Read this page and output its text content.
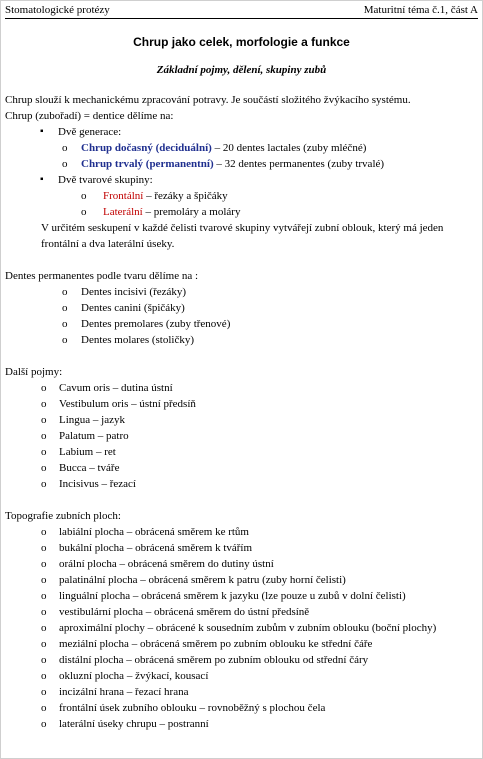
Stomatologické protézy	Maturitní téma č.1, část A
Chrup jako celek, morfologie a funkce
Základní pojmy, dělení, skupiny zubů

Chrup slouží k mechanickému zpracování potravy. Je součástí složitého žvýkacího systému.

Chrup (zubořadí) = dentice dělíme na:

▪ Dvě generace:
o Chrup dočasný (deciduální) – 20 dentes lactales (zuby mléčné)
o Chrup trvalý (permanentní) – 32 dentes permanentes (zuby trvalé)
▪ Dvě tvarové skupiny:
o Frontální – řezáky a špičáky
o Laterální – premoláry a moláry

V určitém seskupení v každé čelisti tvarové skupiny vytvářejí zubní oblouk, který má jeden frontální a dva laterální úseky.

Dentes permanentes podle tvaru dělíme na :

o Dentes incisivi (řezáky)
o Dentes canini (špičáky)
o Dentes premolares (zuby třenové)
o Dentes molares (stoličky)

Další pojmy:

o Cavum oris – dutina ústní
o Vestibulum oris – ústní předsíň
o Lingua – jazyk
o Palatum – patro
o Labium – ret
o Bucca – tváře
o Incisivus – řezací

Topografie zubních ploch:

o labiální plocha – obrácená směrem ke rtům
o bukální plocha – obrácená směrem k tvářím
o orální plocha – obrácená směrem do dutiny ústní
o palatinální plocha – obrácená směrem k patru (zuby horní čelisti)
o linguální plocha – obrácená směrem k jazyku (lze pouze u zubů v dolní čelisti)
o vestibulární plocha – obrácená směrem do ústní předsíně
o aproximální plochy – obrácené k sousedním zubům v zubním oblouku (boční plochy)
o meziální plocha – obrácená směrem po zubním oblouku ke střední čáře
o distální plocha – obrácená směrem po zubním oblouku od střední čáry
o okluzní plocha – žvýkací, kousací
o incizální hrana – řezací hrana
o frontální úsek zubního oblouku – rovnoběžný s plochou čela
o laterální úseky chrupu – postranní
